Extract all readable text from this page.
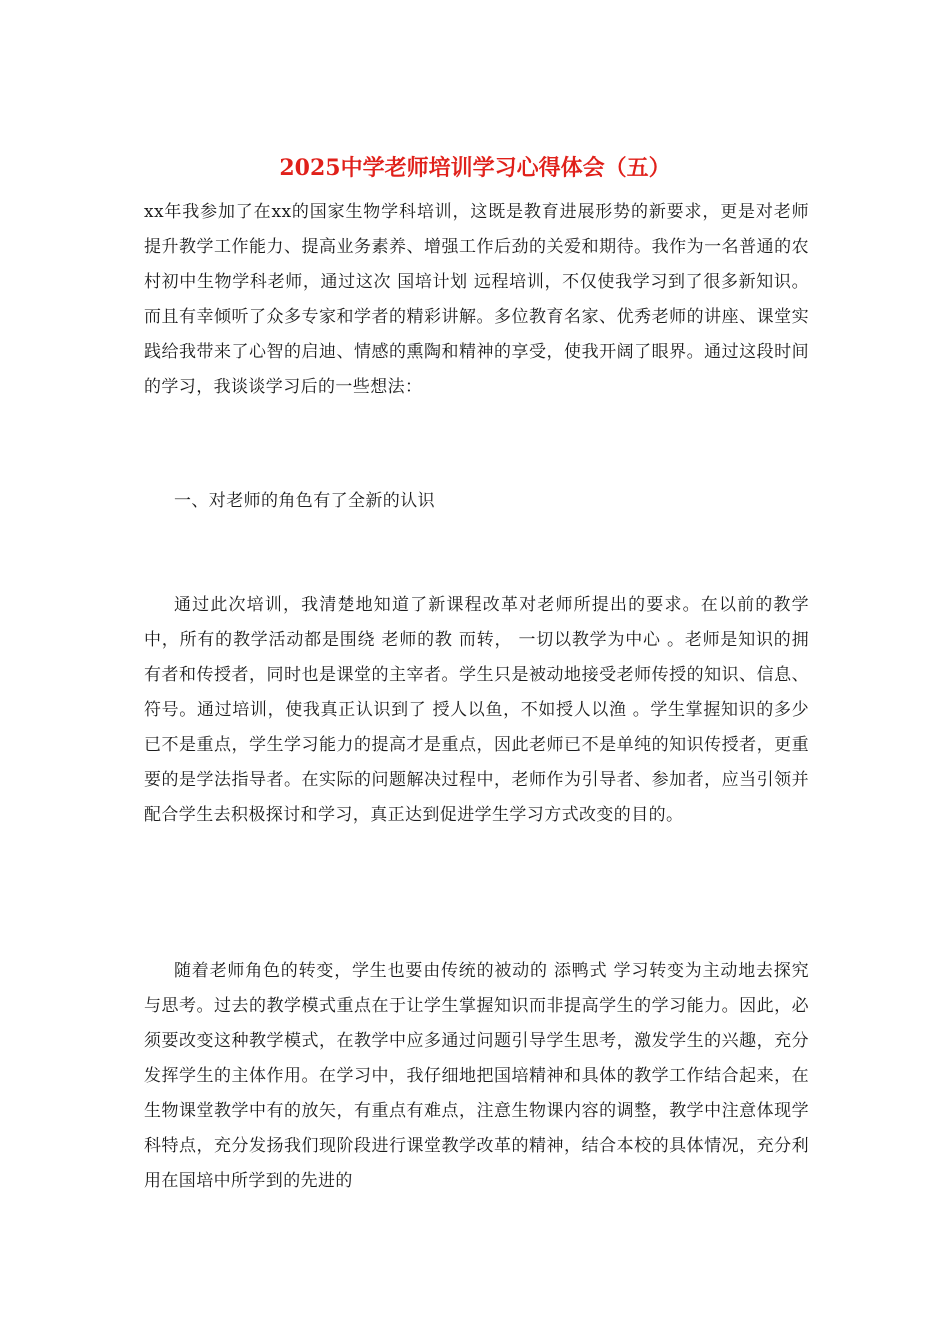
2025中学老师培训学习心得体会（五）

xx年我参加了在xx的国家生物学科培训，这既是教育进展形势的新要求，更是对老师提升教学工作能力、提高业务素养、增强工作后劲的关爱和期待。我作为一名普通的农村初中生物学科老师，通过这次 国培计划 远程培训，不仅使我学习到了很多新知识。而且有幸倾听了众多专家和学者的精彩讲解。多位教育名家、优秀老师的讲座、课堂实践给我带来了心智的启迪、情感的熏陶和精神的享受，使我开阔了眼界。通过这段时间的学习，我谈谈学习后的一些想法：

一、对老师的角色有了全新的认识

通过此次培训，我清楚地知道了新课程改革对老师所提出的要求。在以前的教学中，所有的教学活动都是围绕 老师的教 而转， 一切以教学为中心 。老师是知识的拥有者和传授者，同时也是课堂的主宰者。学生只是被动地接受老师传授的知识、信息、符号。通过培训，使我真正认识到了 授人以鱼，不如授人以渔 。学生掌握知识的多少已不是重点，学生学习能力的提高才是重点，因此老师已不是单纯的知识传授者，更重要的是学法指导者。在实际的问题解决过程中，老师作为引导者、参加者，应当引领并配合学生去积极探讨和学习，真正达到促进学生学习方式改变的目的。

随着老师角色的转变，学生也要由传统的被动的 添鸭式 学习转变为主动地去探究与思考。过去的教学模式重点在于让学生掌握知识而非提高学生的学习能力。因此，必须要改变这种教学模式，在教学中应多通过问题引导学生思考，激发学生的兴趣，充分发挥学生的主体作用。在学习中，我仔细地把国培精神和具体的教学工作结合起来，在生物课堂教学中有的放矢，有重点有难点，注意生物课内容的调整，教学中注意体现学科特点，充分发扬我们现阶段进行课堂教学改革的精神，结合本校的具体情况，充分利用在国培中所学到的先进的
